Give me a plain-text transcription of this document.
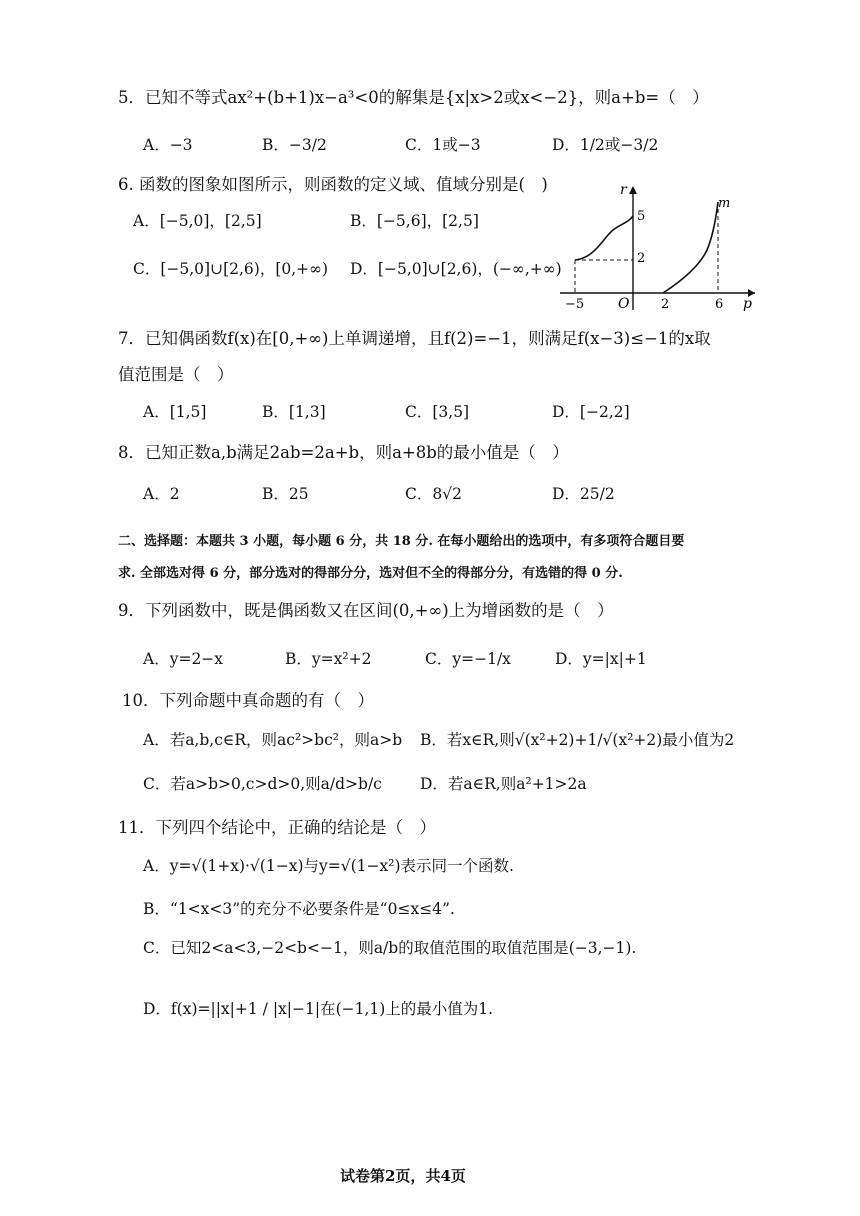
5．已知不等式ax²+(b+1)x−a³<0的解集是{x|x>2或x<−2}，则a+b=（　）
A．−3	B．−3/2	C．1或−3	D．1/2或−3/2
6. 函数的图象如图所示，则函数的定义域、值域分别是(　)
A．[−5,0]，[2,5]	B．[−5,6]，[2,5]
C．[−5,0]∪[2,6)，[0,+∞) D．[−5,0]∪[2,6)，(−∞,+∞)
r
p
m
O
−5	2	6
5
2
7．已知偶函数f(x)在[0,+∞)上单调递增，且f(2)=−1，则满足f(x−3)≤−1的x取
值范围是（　）
A．[1,5]	B．[1,3]	C．[3,5]	D．[−2,2]
8．已知正数a,b满足2ab=2a+b，则a+8b的最小值是（　）
A．2	B．25	C．8√2	D．25/2
二、选择题：本题共 3 小题，每小题 6 分，共 18 分. 在每小题给出的选项中，有多项符合题目要
求. 全部选对得 6 分，部分选对的得部分分，选对但不全的得部分分，有选错的得 0 分.
9．下列函数中，既是偶函数又在区间(0,+∞)上为增函数的是（　）
A．y=2−x	B．y=x²+2	C．y=−1/x	D．y=|x|+1
10．下列命题中真命题的有（　）
A．若a,b,c∈R，则ac²>bc²，则a>b B．若x∈R,则√(x²+2)+1/√(x²+2)最小值为2
C．若a>b>0,c>d>0,则a/d>b/c D．若a∈R,则a²+1>2a
11．下列四个结论中，正确的结论是（　）
A．y=√(1+x)·√(1−x)与y=√(1−x²)表示同一个函数.
B．“1<x<3”的充分不必要条件是“0≤x≤4”.
C．已知2<a<3,−2<b<−1，则a/b的取值范围的取值范围是(−3,−1).
D．f(x)=||x|+1 / |x|−1|在(−1,1)上的最小值为1.
试卷第2页，共4页
